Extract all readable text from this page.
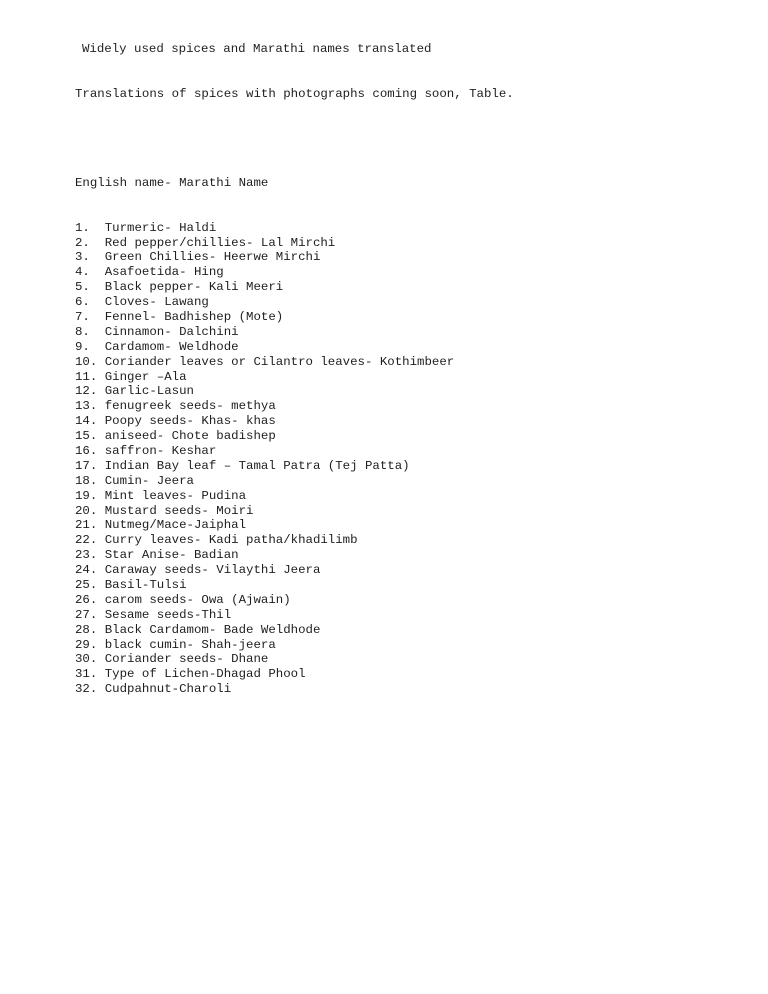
Widely used spices and Marathi names translated

Translations of spices with photographs coming soon, Table.

English name- Marathi Name

1.  Turmeric- Haldi
2.  Red pepper/chillies- Lal Mirchi
3.  Green Chillies- Heerwe Mirchi
4.  Asafoetida- Hing
5.  Black pepper- Kali Meeri
6.  Cloves- Lawang
7.  Fennel- Badhishep (Mote)
8.  Cinnamon- Dalchini
9.  Cardamom- Weldhode
10. Coriander leaves or Cilantro leaves- Kothimbeer
11. Ginger –Ala
12. Garlic-Lasun
13. fenugreek seeds- methya
14. Poopy seeds- Khas- khas
15. aniseed- Chote badishep
16. saffron- Keshar
17. Indian Bay leaf – Tamal Patra (Tej Patta)
18. Cumin- Jeera
19. Mint leaves- Pudina
20. Mustard seeds- Moiri
21. Nutmeg/Mace-Jaiphal
22. Curry leaves- Kadi patha/khadilimb
23. Star Anise- Badian
24. Caraway seeds- Vilaythi Jeera
25. Basil-Tulsi
26. carom seeds- Owa (Ajwain)
27. Sesame seeds-Thil
28. Black Cardamom- Bade Weldhode
29. black cumin- Shah-jeera
30. Coriander seeds- Dhane
31. Type of Lichen-Dhagad Phool
32. Cudpahnut-Charoli
